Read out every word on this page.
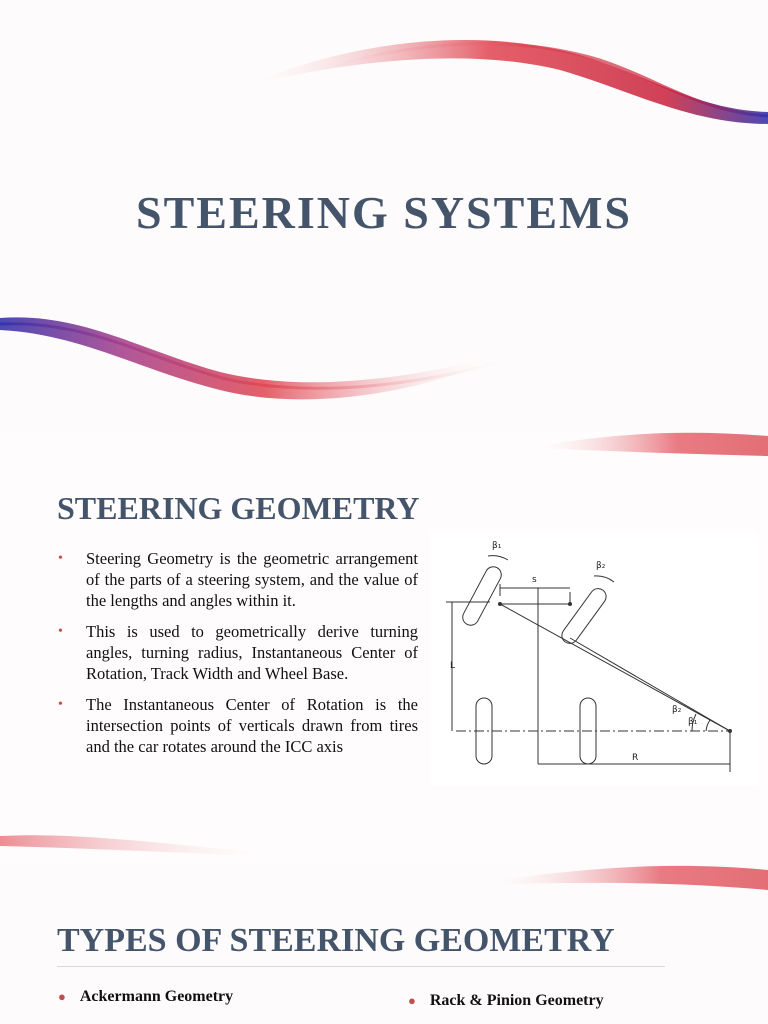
STEERING SYSTEMS
STEERING GEOMETRY
• Steering Geometry is the geometric arrangement of the parts of a steering system, and the value of the lengths and angles within it.
• This is used to geometrically derive turning angles, turning radius, Instantaneous Center of Rotation, Track Width and Wheel Base.
• The Instantaneous Center of Rotation is the intersection points of verticals drawn from tires and the car rotates around the ICC axis
β₁
β₂
s
L
R
β₂
β₁
TYPES OF STEERING GEOMETRY
● Ackermann Geometry	● Rack & Pinion Geometry
